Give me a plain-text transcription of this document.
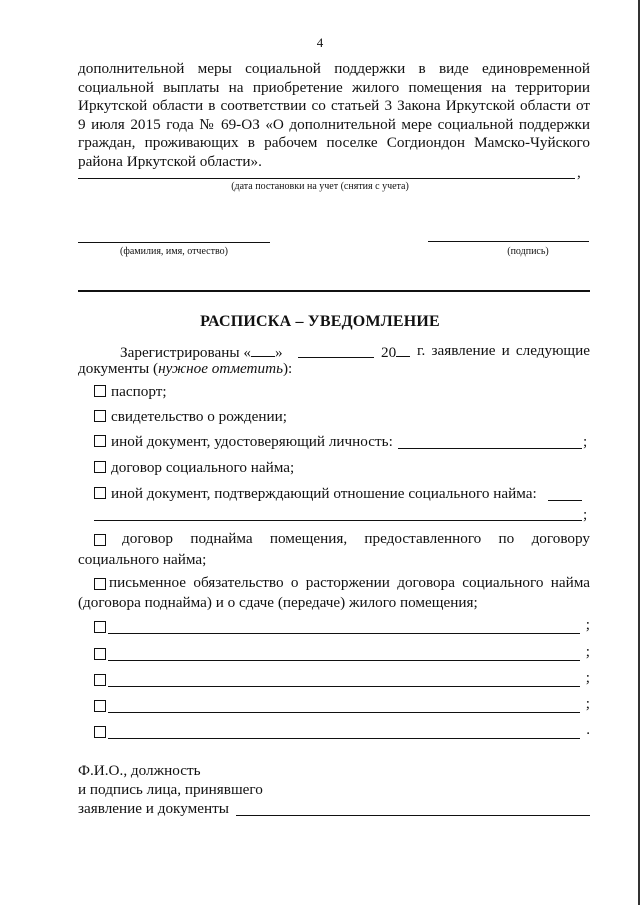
4
дополнительной меры социальной поддержки в виде единовременной
социальной выплаты на приобретение жилого помещения на территории
Иркутской области в соответствии со статьей 3 Закона Иркутской области от
9 июля 2015 года № 69-ОЗ «О дополнительной мере социальной поддержки
граждан, проживающих в рабочем поселке Согдиондон Мамско-Чуйского
района Иркутской области».
,
(дата постановки на учет (снятия с учета)
(фамилия, имя, отчество)	(подпись)
РАСПИСКА – УВЕДОМЛЕНИЕ
Зарегистрированы « »	20	г. заявление и следующие
документы (нужное отметить):
паспорт;
свидетельство о рождении;
иной документ, удостоверяющий личность:	;
договор социального найма;
иной документ, подтверждающий отношение социального найма:
;
договор поднайма помещения, предоставленного по договору
социального найма;
письменное обязательство о расторжении договора социального найма
(договора поднайма) и о сдаче (передаче) жилого помещения;
;
;
;
;
.
Ф.И.О., должность
и подпись лица, принявшего
заявление и документы
